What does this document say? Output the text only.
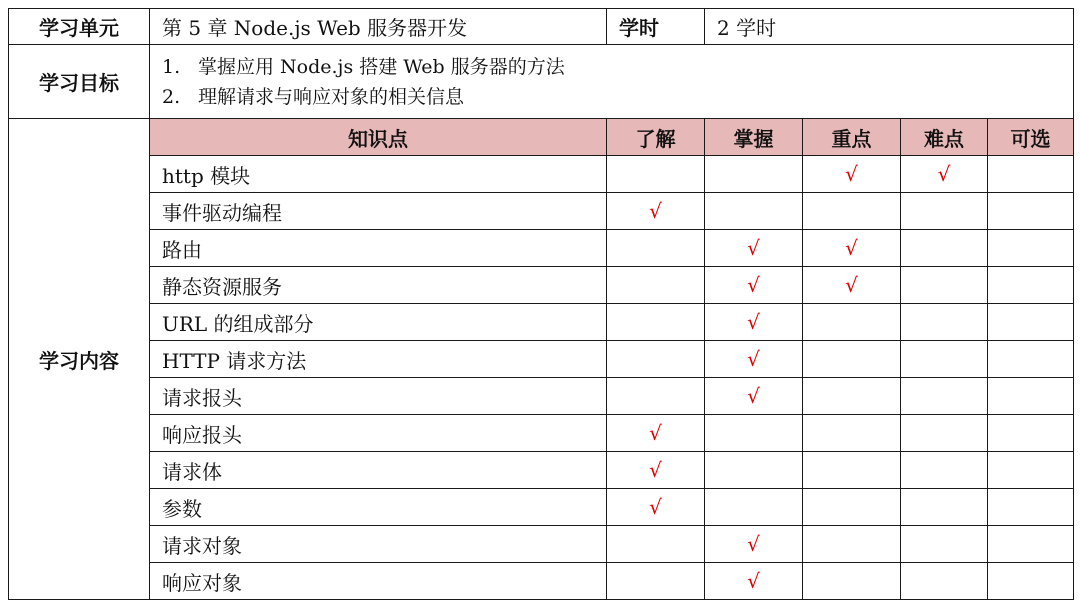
学习单元	第 5 章 Node.js Web 服务器开发	学时	2 学时			
学习目标	1. 掌握应用 Node.js 搭建 Web 服务器的方法
2. 理解请求与响应对象的相关信息					

学习内容	知识点	了解	掌握	重点	难点	可选
	http 模块			√	√	
	事件驱动编程	√				
	路由		√	√		
	静态资源服务		√	√		
	URL 的组成部分		√			
	HTTP 请求方法		√			
	请求报头		√			
	响应报头	√				
	请求体	√				
	参数	√				
	请求对象		√			
	响应对象		√			
